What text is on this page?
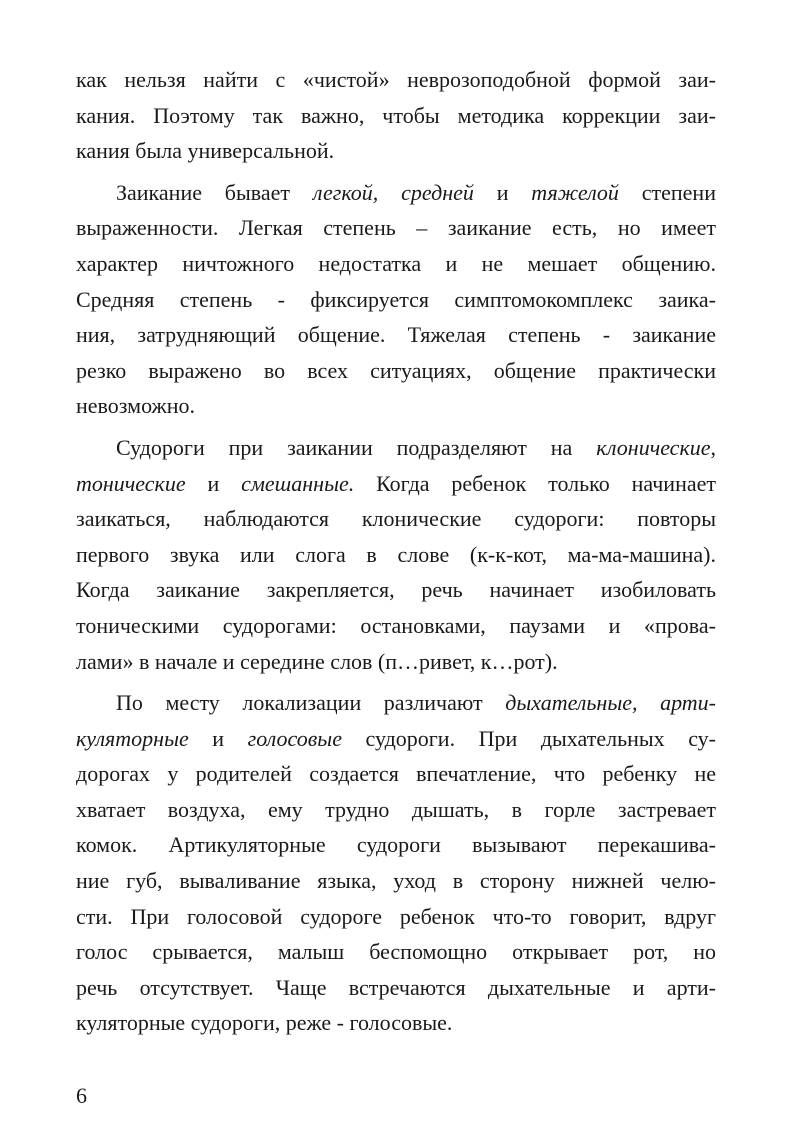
как нельзя найти с «чистой» неврозоподобной формой заи-
кания. Поэтому так важно, чтобы методика коррекции заи-
кания была универсальной.
Заикание бывает легкой, средней и тяжелой степени
выраженности. Легкая степень – заикание есть, но имеет
характер ничтожного недостатка и не мешает общению.
Средняя степень - фиксируется симптомокомплекс заика-
ния, затрудняющий общение. Тяжелая степень - заикание
резко выражено во всех ситуациях, общение практически
невозможно.
Судороги при заикании подразделяют на клонические,
тонические и смешанные. Когда ребенок только начинает
заикаться, наблюдаются клонические судороги: повторы
первого звука или слога в слове (к-к-кот, ма-ма-машина).
Когда заикание закрепляется, речь начинает изобиловать
тоническими судорогами: остановками, паузами и «прова-
лами» в начале и середине слов (п…ривет, к…рот).
По месту локализации различают дыхательные, арти-
куляторные и голосовые судороги. При дыхательных су-
дорогах у родителей создается впечатление, что ребенку не
хватает воздуха, ему трудно дышать, в горле застревает
комок. Артикуляторные судороги вызывают перекашива-
ние губ, вываливание языка, уход в сторону нижней челю-
сти. При голосовой судороге ребенок что-то говорит, вдруг
голос срывается, малыш беспомощно открывает рот, но
речь отсутствует. Чаще встречаются дыхательные и арти-
куляторные судороги, реже - голосовые.
6
